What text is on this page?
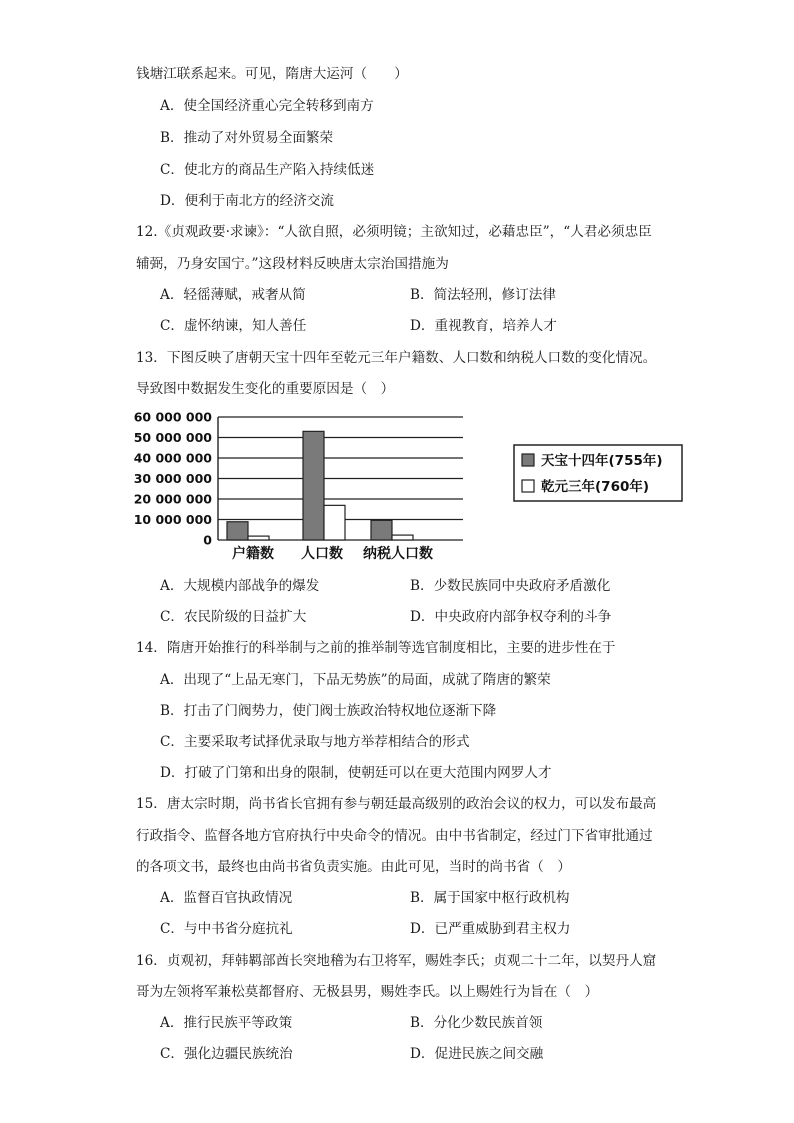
钱塘江联系起来。可见，隋唐大运河（　　）
A．使全国经济重心完全转移到南方
B．推动了对外贸易全面繁荣
C．使北方的商品生产陷入持续低迷
D．便利于南北方的经济交流
12.《贞观政要·求谏》：“人欲自照，必须明镜；主欲知过，必藉忠臣”，“人君必须忠臣
辅弼，乃身安国宁。”这段材料反映唐太宗治国措施为
A．轻徭薄赋，戒奢从简	B．简法轻刑，修订法律
C．虚怀纳谏，知人善任	D．重视教育，培养人才
13．下图反映了唐朝天宝十四年至乾元三年户籍数、人口数和纳税人口数的变化情况。
导致图中数据发生变化的重要原因是（　）
60 000 000
50 000 000
40 000 000
30 000 000
20 000 000
10 000 000
0
户籍数 人口数 纳税人口数
天宝十四年(755年)
乾元三年(760年)
A．大规模内部战争的爆发	B．少数民族同中央政府矛盾激化
C．农民阶级的日益扩大	D．中央政府内部争权夺利的斗争
14．隋唐开始推行的科举制与之前的推举制等选官制度相比，主要的进步性在于
A．出现了“上品无寒门，下品无势族”的局面，成就了隋唐的繁荣
B．打击了门阀势力，使门阀士族政治特权地位逐渐下降
C．主要采取考试择优录取与地方举荐相结合的形式
D．打破了门第和出身的限制，使朝廷可以在更大范围内网罗人才
15．唐太宗时期，尚书省长官拥有参与朝廷最高级别的政治会议的权力，可以发布最高
行政指令、监督各地方官府执行中央命令的情况。由中书省制定，经过门下省审批通过
的各项文书，最终也由尚书省负责实施。由此可见，当时的尚书省（　）
A．监督百官执政情况	B．属于国家中枢行政机构
C．与中书省分庭抗礼	D．已严重威胁到君主权力
16．贞观初，拜韩羁部酋长突地稽为右卫将军，赐姓李氏；贞观二十二年，以契丹人窟
哥为左领将军兼松莫都督府、无极县男，赐姓李氏。以上赐姓行为旨在（　）
A．推行民族平等政策	B．分化少数民族首领
C．强化边疆民族统治	D．促进民族之间交融
